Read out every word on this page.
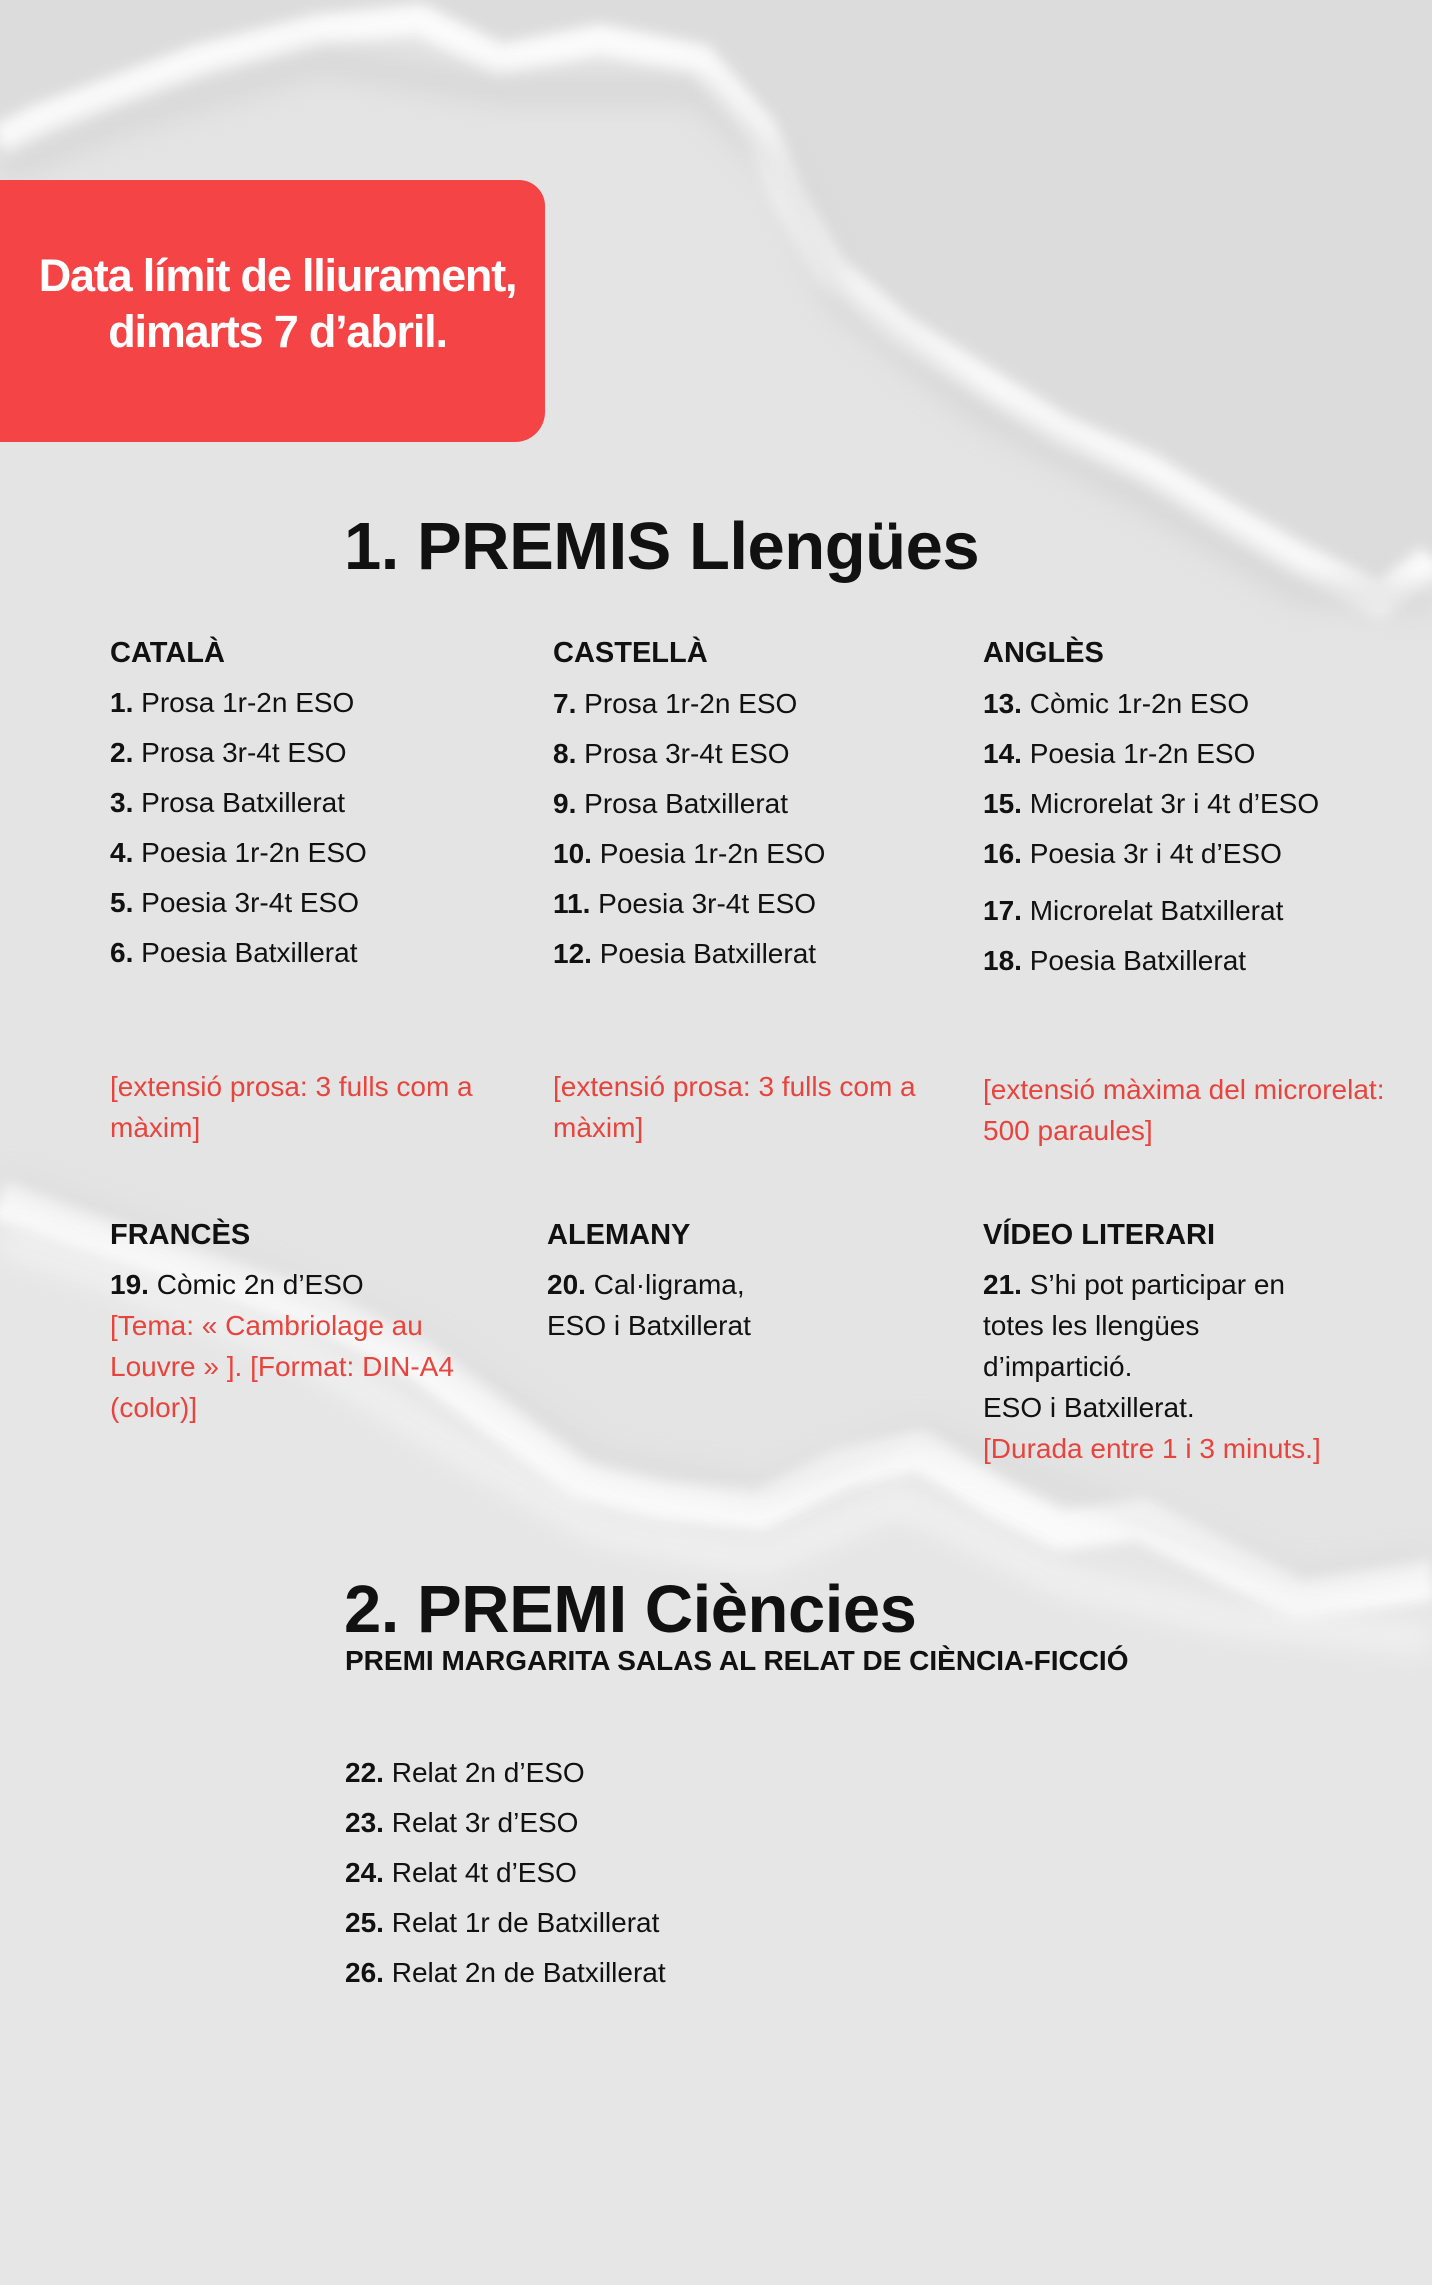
Data límit de lliurament,
dimarts 7 d’abril.
1. PREMIS Llengües
CATALÀ
1. Prosa 1r-2n ESO
2. Prosa 3r-4t ESO
3. Prosa Batxillerat
4. Poesia 1r-2n ESO
5. Poesia 3r-4t ESO
6. Poesia Batxillerat
[extensió prosa: 3 fulls com a
màxim]
CASTELLÀ
7. Prosa 1r-2n ESO
8. Prosa 3r-4t ESO
9. Prosa Batxillerat
10. Poesia 1r-2n ESO
11. Poesia 3r-4t ESO
12. Poesia Batxillerat
[extensió prosa: 3 fulls com a
màxim]
ANGLÈS
13. Còmic 1r-2n ESO
14. Poesia 1r-2n ESO
15. Microrelat 3r i 4t d’ESO
16. Poesia 3r i 4t d’ESO
17. Microrelat Batxillerat
18. Poesia Batxillerat
[extensió màxima del microrelat:
500 paraules]
FRANCÈS
19. Còmic 2n d’ESO
[Tema: « Cambriolage au
Louvre » ]. [Format: DIN-A4
(color)]
ALEMANY
20. Cal·ligrama,
ESO i Batxillerat
VÍDEO LITERARI
21. S’hi pot participar en
totes les llengües
d’impartició.
ESO i Batxillerat.
[Durada entre 1 i 3 minuts.]
2. PREMI Ciències
PREMI MARGARITA SALAS AL RELAT DE CIÈNCIA-FICCIÓ
22. Relat 2n d’ESO
23. Relat 3r d’ESO
24. Relat 4t d’ESO
25. Relat 1r de Batxillerat
26. Relat 2n de Batxillerat
